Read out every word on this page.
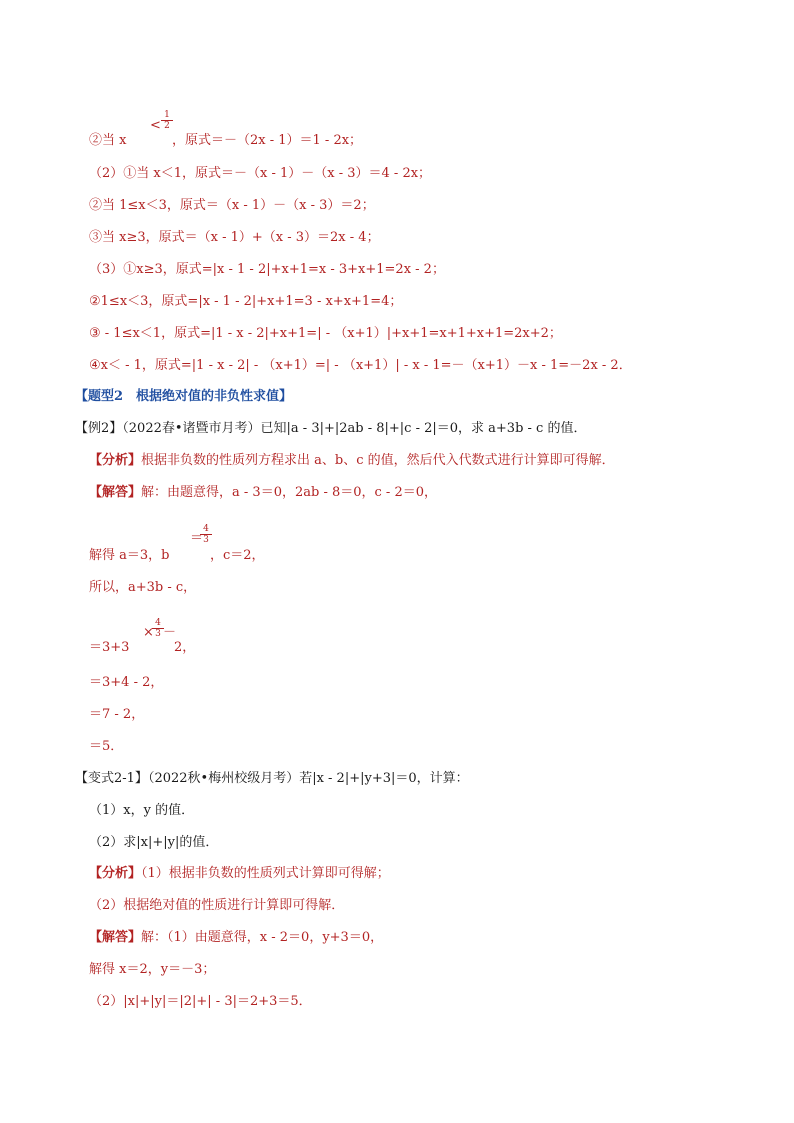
②当 x
< $\frac{1}{2}$
，原式＝－（2x - 1）＝1 - 2x；
（2）①当 x＜1，原式＝－（x - 1）－（x - 3）＝4 - 2x；
②当 1≤x＜3，原式＝（x - 1）－（x - 3）＝2；
③当 x≥3，原式＝（x - 1）+（x - 3）＝2x - 4；
（3）①x≥3，原式=|x - 1 - 2|+x+1=x - 3+x+1=2x - 2；
②1≤x＜3，原式=|x - 1 - 2|+x+1=3 - x+x+1=4；
③ - 1≤x＜1，原式=|1 - x - 2|+x+1=| - （x+1）|+x+1=x+1+x+1=2x+2；
④x＜ - 1，原式=|1 - x - 2| - （x+1）=| - （x+1）| - x - 1=－（x+1）－x - 1=－2x - 2．
【题型2　根据绝对值的非负性求值】
【例2】（2022春•诸暨市月考）已知|a - 3|+|2ab - 8|+|c - 2|＝0，求 a+3b - c 的值．
【分析】根据非负数的性质列方程求出 a、b、c 的值，然后代入代数式进行计算即可得解．
【解答】解：由题意得，a - 3＝0，2ab - 8＝0，c - 2＝0，
解得 a＝3，b
＝
$\frac{4}{3}$
，c＝2，
所以，a+3b - c，
＝3+3
×
$\frac{4}{3}$ －
2，
＝3+4 - 2，
＝7 - 2，
＝5．
【变式2-1】（2022秋•梅州校级月考）若|x - 2|+|y+3|＝0，计算：
（1）x，y 的值．
（2）求|x|+|y|的值．
【分析】（1）根据非负数的性质列式计算即可得解；
（2）根据绝对值的性质进行计算即可得解．
【解答】解：（1）由题意得，x - 2＝0，y+3＝0，
解得 x＝2，y＝－3；
（2）|x|+|y|＝|2|+| - 3|＝2+3＝5．
